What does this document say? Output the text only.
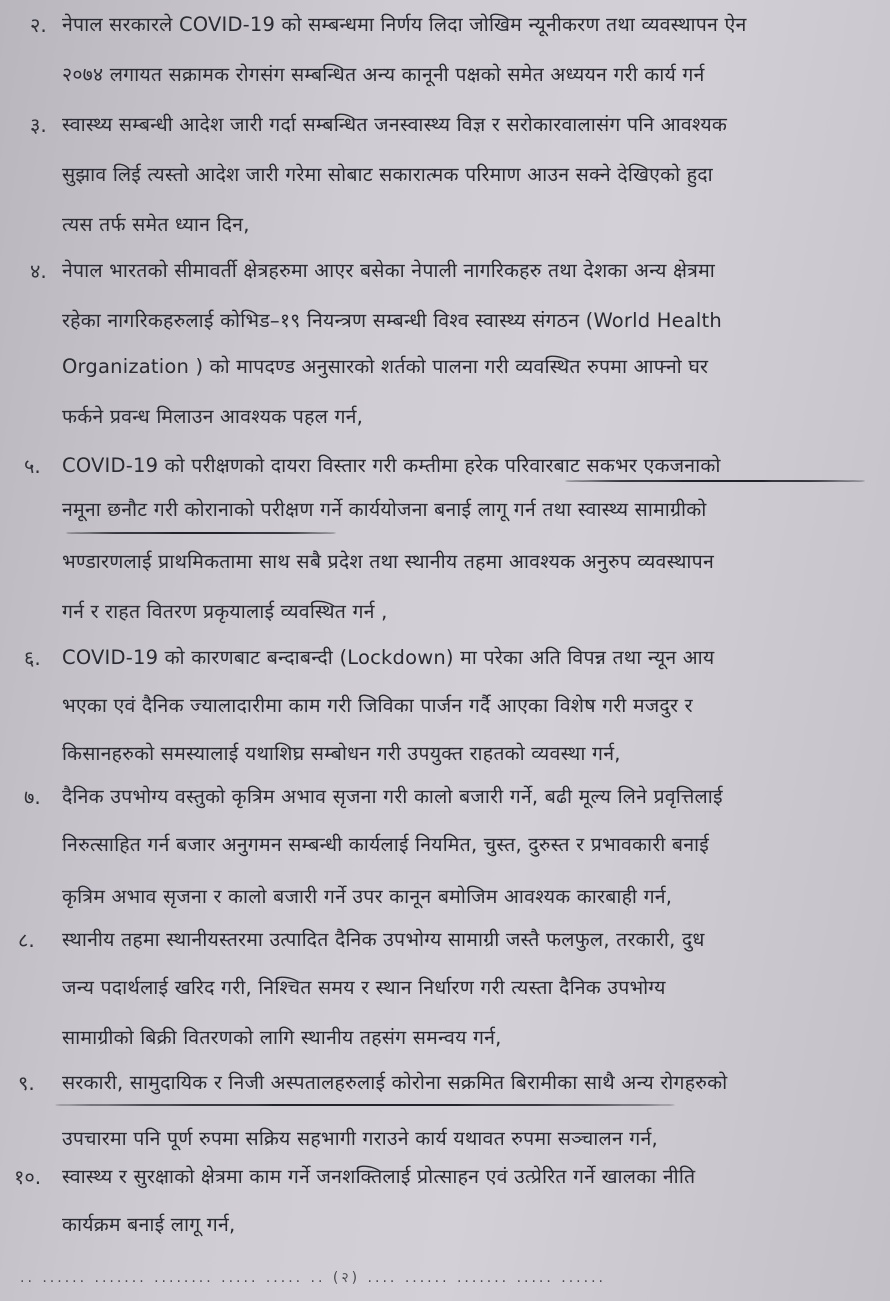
२. नेपाल सरकारले COVID-19 को सम्बन्धमा निर्णय लिदा जोखिम न्यूनीकरण तथा व्यवस्थापन ऐन
२०७४ लगायत सक्रामक रोगसंग सम्बन्धित अन्य कानूनी पक्षको समेत अध्ययन गरी कार्य गर्न
३. स्वास्थ्य सम्बन्धी आदेश जारी गर्दा सम्बन्धित जनस्वास्थ्य विज्ञ र सरोकारवालासंग पनि आवश्यक
सुझाव लिई त्यस्तो आदेश जारी गरेमा सोबाट सकारात्मक परिमाण आउन सक्ने देखिएको हुदा
त्यस तर्फ समेत ध्यान दिन,
४. नेपाल भारतको सीमावर्ती क्षेत्रहरुमा आएर बसेका नेपाली नागरिकहरु तथा देशका अन्य क्षेत्रमा
रहेका नागरिकहरुलाई कोभिड–१९ नियन्त्रण सम्बन्धी विश्व स्वास्थ्य संगठन (World Health
Organization ) को मापदण्ड अनुसारको शर्तको पालना गरी व्यवस्थित रुपमा आफ्नो घर
फर्कने प्रवन्ध मिलाउन आवश्यक पहल गर्न,
५. COVID-19 को परीक्षणको दायरा विस्तार गरी कम्तीमा हरेक परिवारबाट सकभर एकजनाको
नमूना छनौट गरी कोरानाको परीक्षण गर्ने कार्ययोजना बनाई लागू गर्न तथा स्वास्थ्य सामाग्रीको
भण्डारणलाई प्राथमिकतामा साथ सबै प्रदेश तथा स्थानीय तहमा आवश्यक अनुरुप व्यवस्थापन
गर्न र राहत वितरण प्रकृयालाई व्यवस्थित गर्न ,
६. COVID-19 को कारणबाट बन्दाबन्दी (Lockdown) मा परेका अति विपन्न तथा न्यून आय
भएका एवं दैनिक ज्यालादारीमा काम गरी जिविका पार्जन गर्दै आएका विशेष गरी मजदुर र
किसानहरुको समस्यालाई यथाशिघ्र सम्बोधन गरी उपयुक्त राहतको व्यवस्था गर्न,
७. दैनिक उपभोग्य वस्तुको कृत्रिम अभाव सृजना गरी कालो बजारी गर्ने, बढी मूल्य लिने प्रवृत्तिलाई
निरुत्साहित गर्न बजार अनुगमन सम्बन्धी कार्यलाई नियमित, चुस्त, दुरुस्त र प्रभावकारी बनाई
कृत्रिम अभाव सृजना र कालो बजारी गर्ने उपर कानून बमोजिम आवश्यक कारबाही गर्न,
८. स्थानीय तहमा स्थानीयस्तरमा उत्पादित दैनिक उपभोग्य सामाग्री जस्तै फलफुल, तरकारी, दुध
जन्य पदार्थलाई खरिद गरी, निश्चित समय र स्थान निर्धारण गरी त्यस्ता दैनिक उपभोग्य
सामाग्रीको बिक्री वितरणको लागि स्थानीय तहसंग समन्वय गर्न,
९. सरकारी, सामुदायिक र निजी अस्पतालहरुलाई कोरोना सक्रमित बिरामीका साथै अन्य रोगहरुको
उपचारमा पनि पूर्ण रुपमा सक्रिय सहभागी गराउने कार्य यथावत रुपमा सञ्चालन गर्न,
१०. स्वास्थ्य र सुरक्षाको क्षेत्रमा काम गर्ने जनशक्तिलाई प्रोत्साहन एवं उत्प्रेरित गर्ने खालका नीति
कार्यक्रम बनाई लागू गर्न,
.. ...... ....... ........ ..... ..... .. (२) .... ...... ....... ..... ......
